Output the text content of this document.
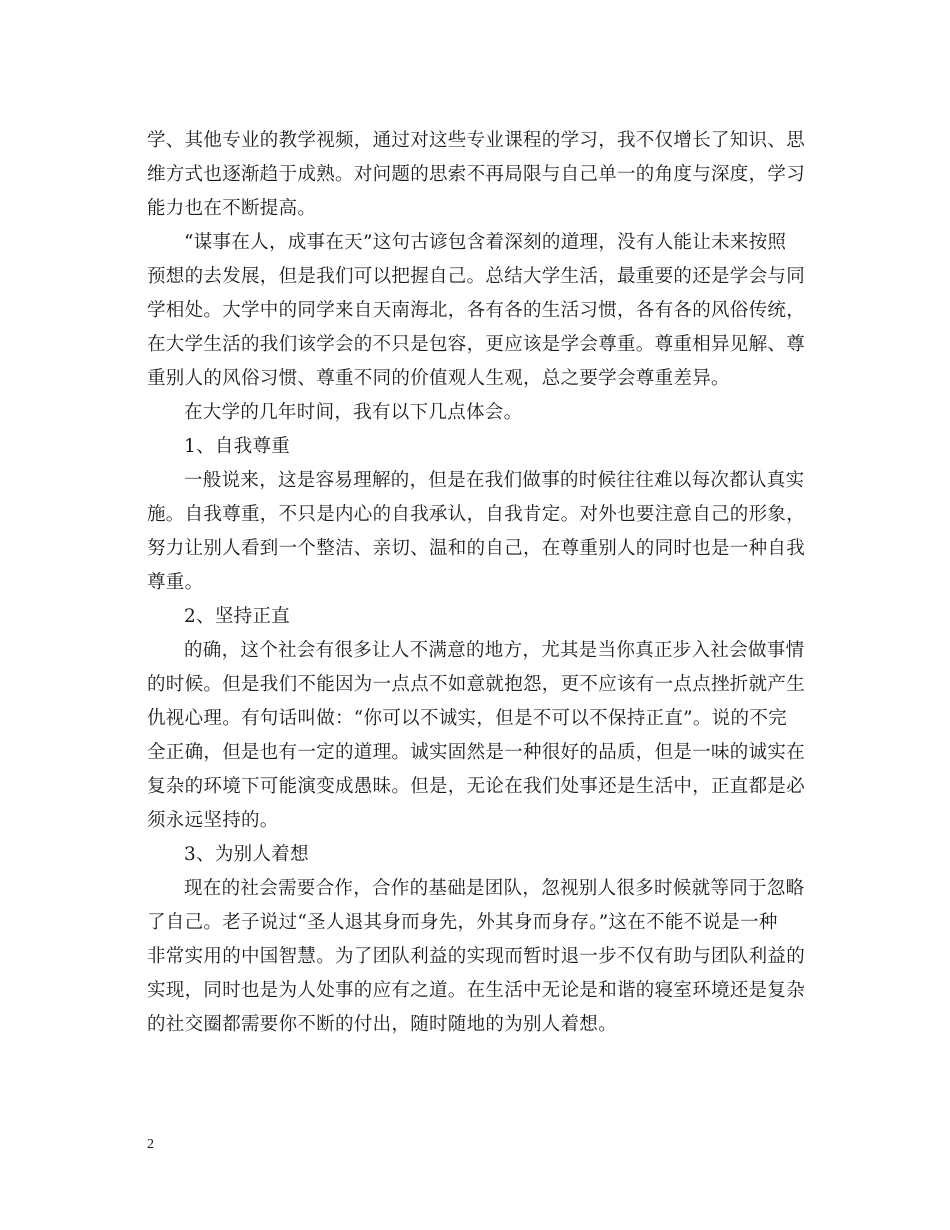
学、其他专业的教学视频，通过对这些专业课程的学习，我不仅增长了知识、思
维方式也逐渐趋于成熟。对问题的思索不再局限与自己单一的角度与深度，学习
能力也在不断提高。
“谋事在人，成事在天”这句古谚包含着深刻的道理，没有人能让未来按照
预想的去发展，但是我们可以把握自己。总结大学生活，最重要的还是学会与同
学相处。大学中的同学来自天南海北，各有各的生活习惯，各有各的风俗传统，
在大学生活的我们该学会的不只是包容，更应该是学会尊重。尊重相异见解、尊
重别人的风俗习惯、尊重不同的价值观人生观，总之要学会尊重差异。
在大学的几年时间，我有以下几点体会。
1、自我尊重
一般说来，这是容易理解的，但是在我们做事的时候往往难以每次都认真实
施。自我尊重，不只是内心的自我承认，自我肯定。对外也要注意自己的形象，
努力让别人看到一个整洁、亲切、温和的自己，在尊重别人的同时也是一种自我
尊重。
2、坚持正直
的确，这个社会有很多让人不满意的地方，尤其是当你真正步入社会做事情
的时候。但是我们不能因为一点点不如意就抱怨，更不应该有一点点挫折就产生
仇视心理。有句话叫做：“你可以不诚实，但是不可以不保持正直”。说的不完
全正确，但是也有一定的道理。诚实固然是一种很好的品质，但是一味的诚实在
复杂的环境下可能演变成愚昧。但是，无论在我们处事还是生活中，正直都是必
须永远坚持的。
3、为别人着想
现在的社会需要合作，合作的基础是团队，忽视别人很多时候就等同于忽略
了自己。老子说过“圣人退其身而身先，外其身而身存。”这在不能不说是一种
非常实用的中国智慧。为了团队利益的实现而暂时退一步不仅有助与团队利益的
实现，同时也是为人处事的应有之道。在生活中无论是和谐的寝室环境还是复杂
的社交圈都需要你不断的付出，随时随地的为别人着想。
2
